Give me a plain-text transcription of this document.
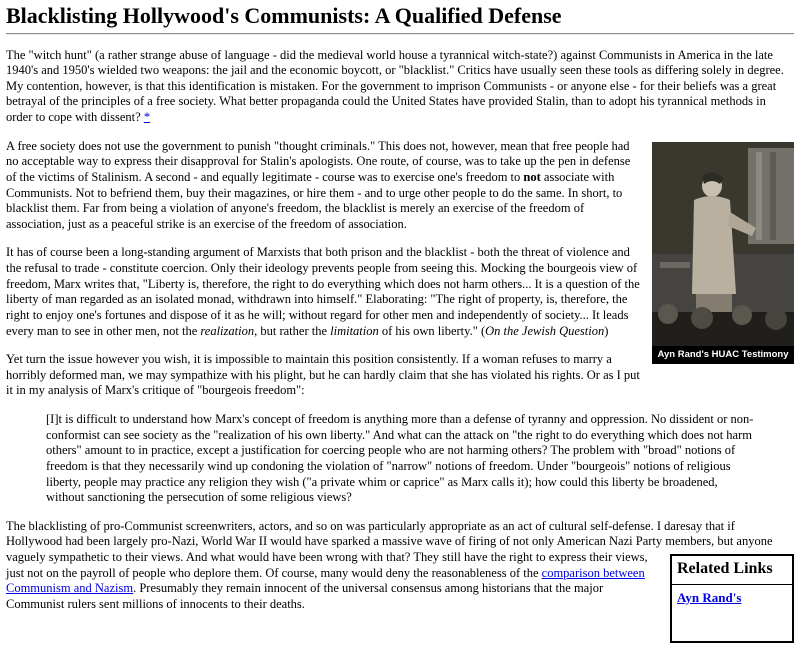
Blacklisting Hollywood's Communists: A Qualified Defense

The "witch hunt" (a rather strange abuse of language - did the medieval world house a tyrannical witch-state?) against Communists in America in the late 1940's and 1950's wielded two weapons: the jail and the economic boycott, or "blacklist." Critics have usually seen these tools as differing solely in degree. My contention, however, is that this identification is mistaken. For the government to imprison Communists - or anyone else - for their beliefs was a great betrayal of the principles of a free society. What better propaganda could the United States have provided Stalin, than to adopt his tyrannical methods in order to cope with dissent? *

Ayn Rand's HUAC Testimony

A free society does not use the government to punish "thought criminals." This does not, however, mean that free people had no acceptable way to express their disapproval for Stalin's apologists. One route, of course, was to take up the pen in defense of the victims of Stalinism. A second - and equally legitimate - course was to exercise one's freedom to not associate with Communists. Not to befriend them, buy their magazines, or hire them - and to urge other people to do the same. In short, to blacklist them. Far from being a violation of anyone's freedom, the blacklist is merely an exercise of the freedom of association, just as a peaceful strike is an exercise of the freedom of association.

It has of course been a long-standing argument of Marxists that both prison and the blacklist - both the threat of violence and the refusal to trade - constitute coercion. Only their ideology prevents people from seeing this. Mocking the bourgeois view of freedom, Marx writes that, "Liberty is, therefore, the right to do everything which does not harm others... It is a question of the liberty of man regarded as an isolated monad, withdrawn into himself." Elaborating: "The right of property, is, therefore, the right to enjoy one's fortunes and dispose of it as he will; without regard for other men and independently of society... It leads every man to see in other men, not the realization, but rather the limitation of his own liberty." (On the Jewish Question)

Yet turn the issue however you wish, it is impossible to maintain this position consistently. If a woman refuses to marry a horribly deformed man, we may sympathize with his plight, but he can hardly claim that she has violated his rights. Or as I put it in my analysis of Marx's critique of "bourgeois freedom":

[I]t is difficult to understand how Marx's concept of freedom is anything more than a defense of tyranny and oppression. No dissident or non-conformist can see society as the "realization of his own liberty." And what can the attack on "the right to do everything which does not harm others" amount to in practice, except a justification for coercing people who are not harming others? The problem with "broad" notions of freedom is that they necessarily wind up condoning the violation of "narrow" notions of freedom. Under "bourgeois" notions of religious liberty, people may practice any religion they wish ("a private whim or caprice" as Marx calls it); how could this liberty be broadened, without sanctioning the persecution of some religious views?

The blacklisting of pro-Communist screenwriters, actors, and so on was particularly appropriate as an act of cultural self-defense. I daresay that if Hollywood had been largely pro-Nazi, World War II would have sparked a massive wave of firing of not only American Nazi Party members, but anyone
Related Links
Ayn Rand's
vaguely sympathetic to their views. And what would have been wrong with that? They still have the right to express their views, just not on the payroll of people who deplore them. Of course, many would deny the reasonableness of the comparison between Communism and Nazism. Presumably they remain innocent of the universal consensus among historians that the major Communist rulers sent millions of innocents to their deaths.
